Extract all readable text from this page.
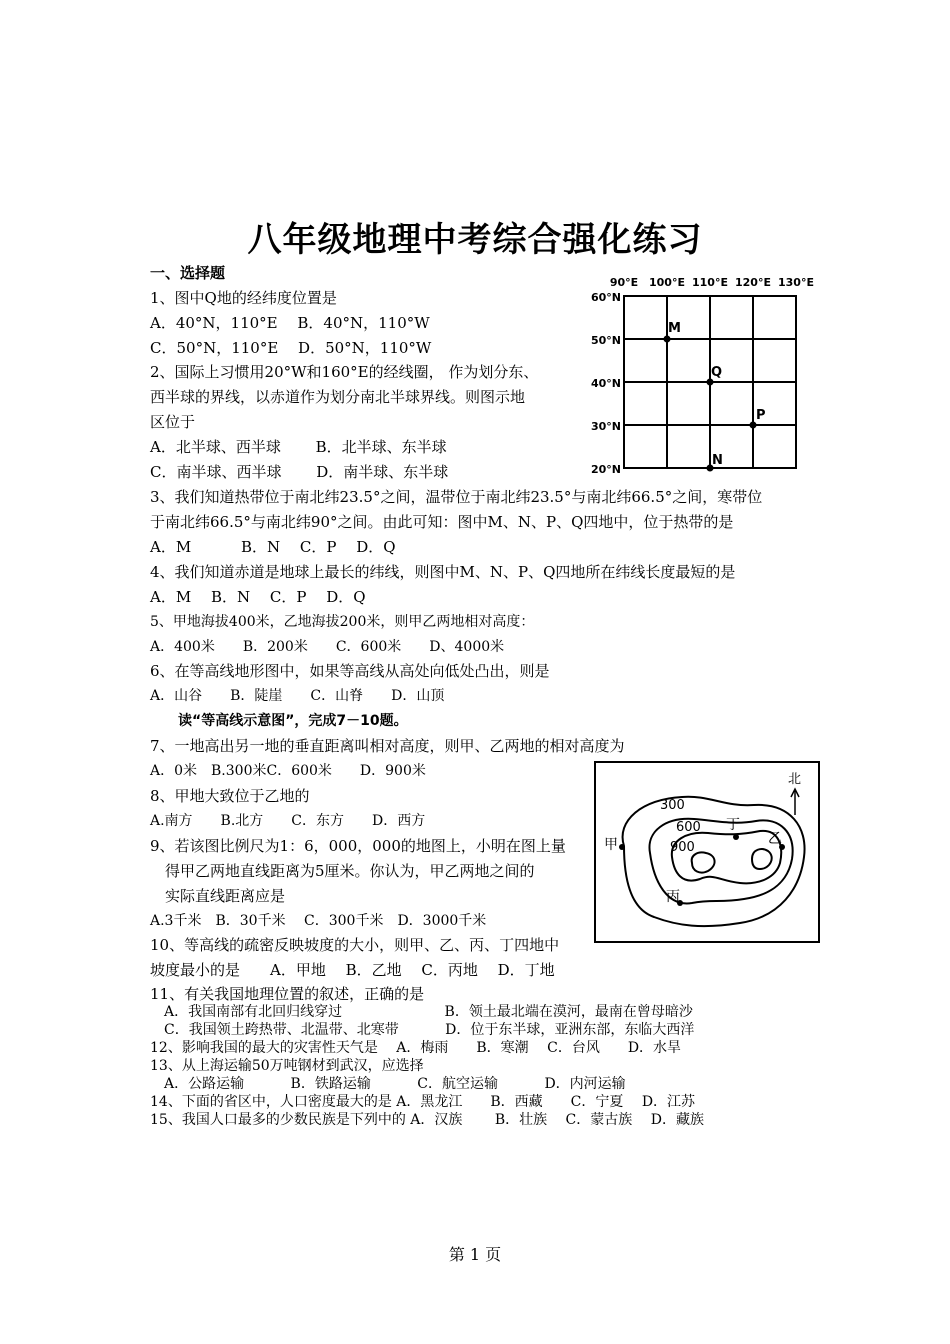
八年级地理中考综合强化练习
一、选择题
1、图中Q地的经纬度位置是
A．40°N，110°E　 B．40°N，110°W
C．50°N，110°E　 D．50°N，110°W
2、国际上习惯用20°W和160°E的经线圈， 作为划分东、
西半球的界线，以赤道作为划分南北半球界线。则图示地
区位于
A．北半球、西半球　　 B．北半球、东半球
C．南半球、西半球　　 D．南半球、东半球
3、我们知道热带位于南北纬23.5°之间，温带位于南北纬23.5°与南北纬66.5°之间，寒带位
于南北纬66.5°与南北纬90°之间。由此可知：图中M、N、P、Q四地中，位于热带的是
A．M　　　 B．N　 C．P　 D．Q
4、我们知道赤道是地球上最长的纬线，则图中M、N、P、Q四地所在纬线长度最短的是
A．M　 B．N　 C．P　 D．Q
5、甲地海拔400米，乙地海拔200米，则甲乙两地相对高度：
A．400米　　B．200米　　C．600米　　D、4000米
6、在等高线地形图中，如果等高线从高处向低处凸出，则是
A．山谷　　B．陡崖　　C．山脊　　D．山顶
读“等高线示意图”，完成7－10题。
7、一地高出另一地的垂直距离叫相对高度，则甲、乙两地的相对高度为
A．0米　B.300米C．600米　　D．900米
8、甲地大致位于乙地的
A.南方　　B.北方　　C．东方　　D．西方
9、若该图比例尺为1：6，000，000的地图上，小明在图上量
　得甲乙两地直线距离为5厘米。你认为，甲乙两地之间的
　实际直线距离应是
A.3千米　B．30千米　 C．300千米　D．3000千米
10、等高线的疏密反映坡度的大小，则甲、乙、丙、丁四地中
坡度最小的是　　A．甲地　 B．乙地　 C．丙地　 D．丁地
11、有关我国地理位置的叙述，正确的是
　A．我国南部有北回归线穿过　　　　　　　 B．领土最北端在漠河，最南在曾母暗沙
　C．我国领土跨热带、北温带、北寒带　　　 D．位于东半球，亚洲东部，东临大西洋
12、影响我国的最大的灾害性天气是　 A．梅雨　　B．寒潮　 C．台风　　D．水旱
13、从上海运输50万吨钢材到武汉，应选择
　A．公路运输　　　 B．铁路运输　　　 C．航空运输　　　 D．内河运输
14、下面的省区中，人口密度最大的是 A．黑龙江　　B．西藏　　C．宁夏　 D．江苏
15、我国人口最多的少数民族是下列中的 A．汉族　　 B．壮族　 C．蒙古族　 D．藏族
90°E 100°E 110°E 120°E 130°E
60°N
50°N
40°N
30°N
20°N
M
Q
P
N
300
600
900
甲	乙
丙
丁
北
第 1 页
